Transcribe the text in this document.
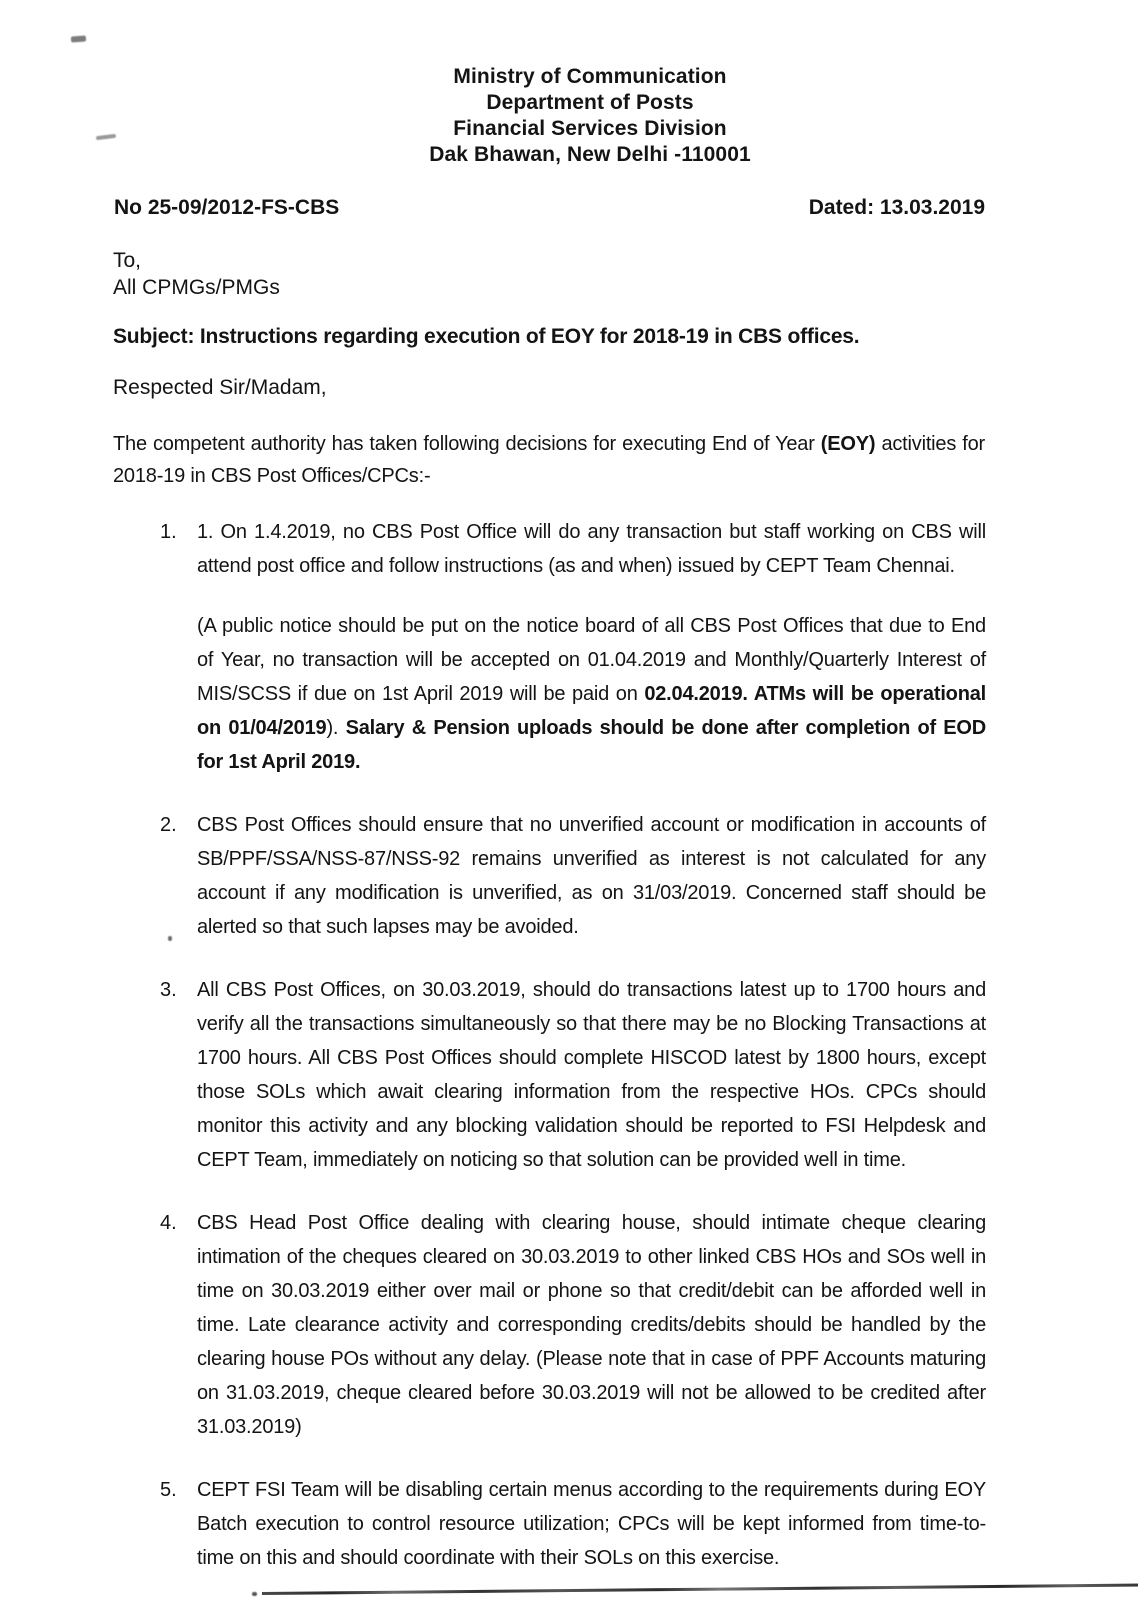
Ministry of Communication
Department of Posts
Financial Services Division
Dak Bhawan, New Delhi -110001
No 25-09/2012-FS-CBS	Dated: 13.03.2019
To,
All CPMGs/PMGs
Subject: Instructions regarding execution of EOY for 2018-19 in CBS offices.
Respected Sir/Madam,
The competent authority has taken following decisions for executing End of Year (EOY) activities for 2018-19 in CBS Post Offices/CPCs:-
1.	1. On 1.4.2019, no CBS Post Office will do any transaction but staff working on CBS will attend post office and follow instructions (as and when) issued by CEPT Team Chennai.

(A public notice should be put on the notice board of all CBS Post Offices that due to End of Year, no transaction will be accepted on 01.04.2019 and Monthly/Quarterly Interest of MIS/SCSS if due on 1st April 2019 will be paid on 02.04.2019. ATMs will be operational on 01/04/2019). Salary & Pension uploads should be done after completion of EOD for 1st April 2019.

2.	CBS Post Offices should ensure that no unverified account or modification in accounts of SB/PPF/SSA/NSS-87/NSS-92 remains unverified as interest is not calculated for any account if any modification is unverified, as on 31/03/2019. Concerned staff should be alerted so that such lapses may be avoided.

3.	All CBS Post Offices, on 30.03.2019, should do transactions latest up to 1700 hours and verify all the transactions simultaneously so that there may be no Blocking Transactions at 1700 hours. All CBS Post Offices should complete HISCOD latest by 1800 hours, except those SOLs which await clearing information from the respective HOs. CPCs should monitor this activity and any blocking validation should be reported to FSI Helpdesk and CEPT Team, immediately on noticing so that solution can be provided well in time.

4.	CBS Head Post Office dealing with clearing house, should intimate cheque clearing intimation of the cheques cleared on 30.03.2019 to other linked CBS HOs and SOs well in time on 30.03.2019 either over mail or phone so that credit/debit can be afforded well in time. Late clearance activity and corresponding credits/debits should be handled by the clearing house POs without any delay. (Please note that in case of PPF Accounts maturing on 31.03.2019, cheque cleared before 30.03.2019 will not be allowed to be credited after 31.03.2019)

5.	CEPT FSI Team will be disabling certain menus according to the requirements during EOY Batch execution to control resource utilization; CPCs will be kept informed from time-to-time on this and should coordinate with their SOLs on this exercise.
